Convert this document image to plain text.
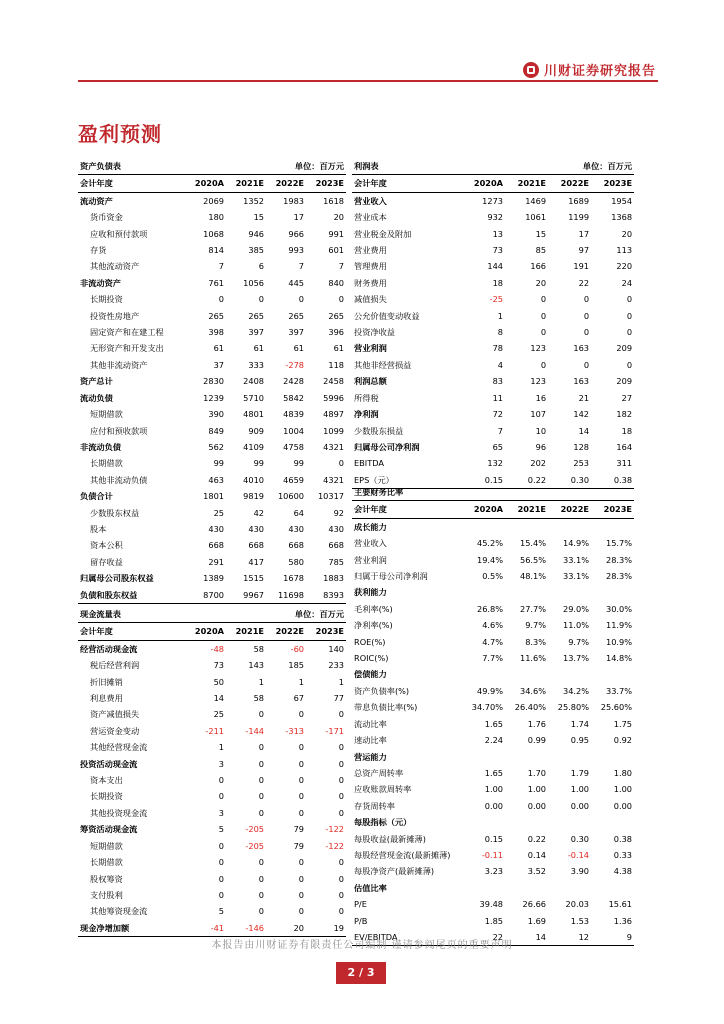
川财证券研究报告
盈利预测
资产负债表			单位：百万元	
会计年度	2020A	2021E	2022E	2023E
流动资产	2069	1352	1983	1618
货币资金	180	15	17	20
应收和预付款项	1068	946	966	991
存货	814	385	993	601
其他流动资产	7	6	7	7
非流动资产	761	1056	445	840
长期投资	0	0	0	0
投资性房地产	265	265	265	265
固定资产和在建工程	398	397	397	396
无形资产和开发支出	61	61	61	61
其他非流动资产	37	333	-278	118
资产总计	2830	2408	2428	2458
流动负债	1239	5710	5842	5996
短期借款	390	4801	4839	4897
应付和预收款项	849	909	1004	1099
非流动负债	562	4109	4758	4321
长期借款	99	99	99	0
其他非流动负债	463	4010	4659	4321
负债合计	1801	9819	10600	10317
少数股东权益	25	42	64	92
股本	430	430	430	430
资本公积	668	668	668	668
留存收益	291	417	580	785
归属母公司股东权益	1389	1515	1678	1883
负债和股东权益	8700	9967	11698	8393
利润表			单位：百万元	
会计年度	2020A	2021E	2022E	2023E
营业收入	1273	1469	1689	1954
营业成本	932	1061	1199	1368
营业税金及附加	13	15	17	20
营业费用	73	85	97	113
管理费用	144	166	191	220
财务费用	18	20	22	24
减值损失	-25	0	0	0
公允价值变动收益	1	0	0	0
投资净收益	8	0	0	0
营业利润	78	123	163	209
其他非经营损益	4	0	0	0
利润总额	83	123	163	209
所得税	11	16	21	27
净利润	72	107	142	182
少数股东损益	7	10	14	18
归属母公司净利润	65	96	128	164
EBITDA	132	202	253	311
EPS（元）	0.15	0.22	0.30	0.38
主要财务比率				
会计年度	2020A	2021E	2022E	2023E
成长能力				
营业收入	45.2%	15.4%	14.9%	15.7%
营业利润	19.4%	56.5%	33.1%	28.3%
归属于母公司净利润	0.5%	48.1%	33.1%	28.3%
获利能力				
毛利率(%)	26.8%	27.7%	29.0%	30.0%
净利率(%)	4.6%	9.7%	11.0%	11.9%
ROE(%)	4.7%	8.3%	9.7%	10.9%
ROIC(%)	7.7%	11.6%	13.7%	14.8%
偿债能力				
资产负债率(%)	49.9%	34.6%	34.2%	33.7%
带息负债比率(%)	34.70%	26.40%	25.80%	25.60%
流动比率	1.65	1.76	1.74	1.75
速动比率	2.24	0.99	0.95	0.92
营运能力				
总资产周转率	1.65	1.70	1.79	1.80
应收账款周转率	1.00	1.00	1.00	1.00
存货周转率	0.00	0.00	0.00	0.00
每股指标（元）				
每股收益(最新摊薄)	0.15	0.22	0.30	0.38
每股经营现金流(最新摊薄)	-0.11	0.14	-0.14	0.33
每股净资产(最新摊薄)	3.23	3.52	3.90	4.38
估值比率				
P/E	39.48	26.66	20.03	15.61
P/B	1.85	1.69	1.53	1.36
EV/EBITDA	22	14	12	9
现金流量表			单位：百万元	
会计年度	2020A	2021E	2022E	2023E
经营活动现金流	-48	58	-60	140
税后经营利润	73	143	185	233
折旧摊销	50	1	1	1
利息费用	14	58	67	77
资产减值损失	25	0	0	0
营运资金变动	-211	-144	-313	-171
其他经营现金流	1	0	0	0
投资活动现金流	3	0	0	0
资本支出	0	0	0	0
长期投资	0	0	0	0
其他投资现金流	3	0	0	0
筹资活动现金流	5	-205	79	-122
短期借款	0	-205	79	-122
长期借款	0	0	0	0
股权筹资	0	0	0	0
支付股利	0	0	0	0
其他筹资现金流	5	0	0	0
现金净增加额	-41	-146	20	19
本报告由川财证券有限责任公司编制 谨请参阅尾页的重要声明
2 / 3
